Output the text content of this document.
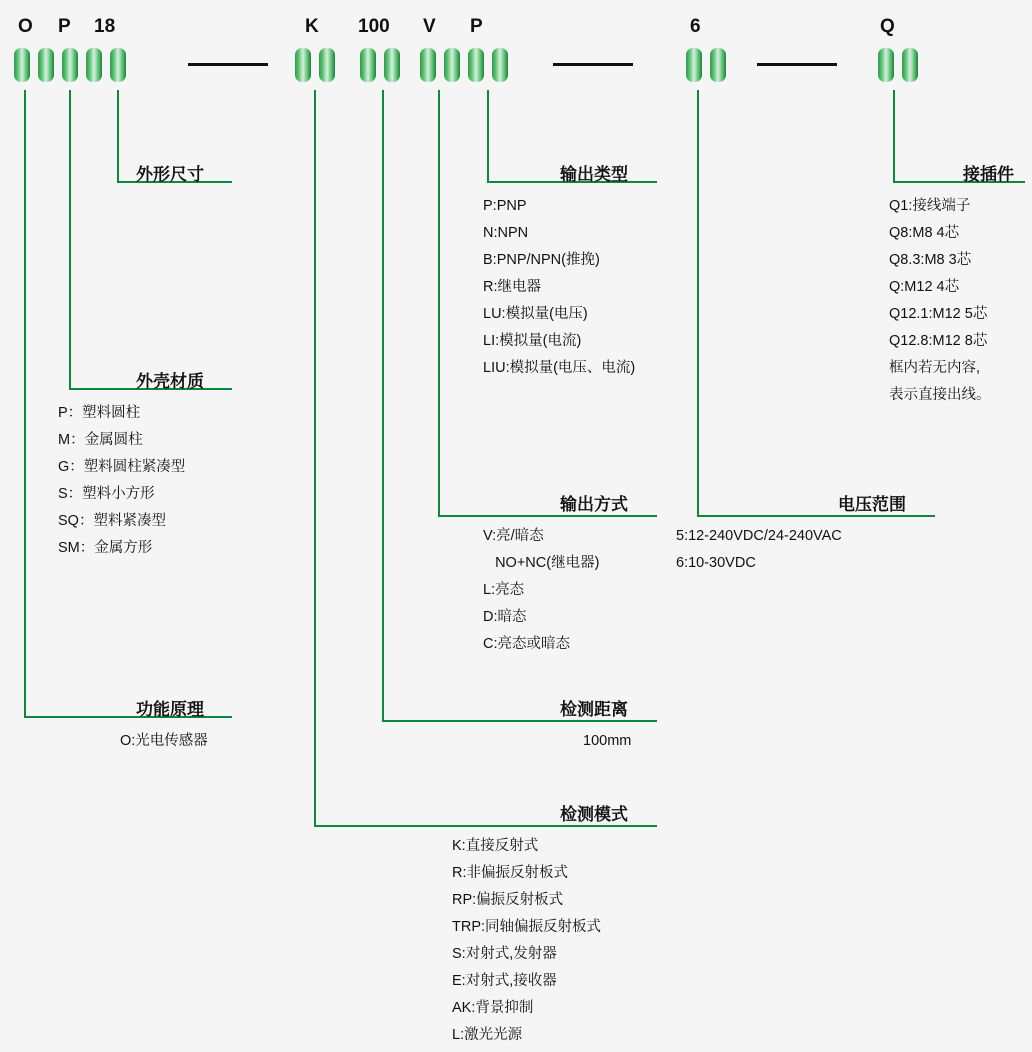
O P 18	K 100 V P	6	Q
外形尺寸
外壳材质
P：塑料圆柱
M：金属圆柱
G：塑料圆柱紧凑型
S：塑料小方形
SQ：塑料紧凑型
SM：金属方形
功能原理
O:光电传感器
检测模式
K:直接反射式
R:非偏振反射板式
RP:偏振反射板式
TRP:同轴偏振反射板式
S:对射式,发射器
E:对射式,接收器
AK:背景抑制
L:激光光源
检测距离
100mm
输出方式
V:亮/暗态
NO+NC(继电器)
L:亮态
D:暗态
C:亮态或暗态
输出类型
P:PNP
N:NPN
B:PNP/NPN(推挽)
R:继电器
LU:模拟量(电压)
LI:模拟量(电流)
LIU:模拟量(电压、电流)
电压范围
5:12-240VDC/24-240VAC
6:10-30VDC
接插件
Q1:接线端子
Q8:M8 4芯
Q8.3:M8 3芯
Q:M12 4芯
Q12.1:M12 5芯
Q12.8:M12 8芯
框内若无内容,
表示直接出线。
